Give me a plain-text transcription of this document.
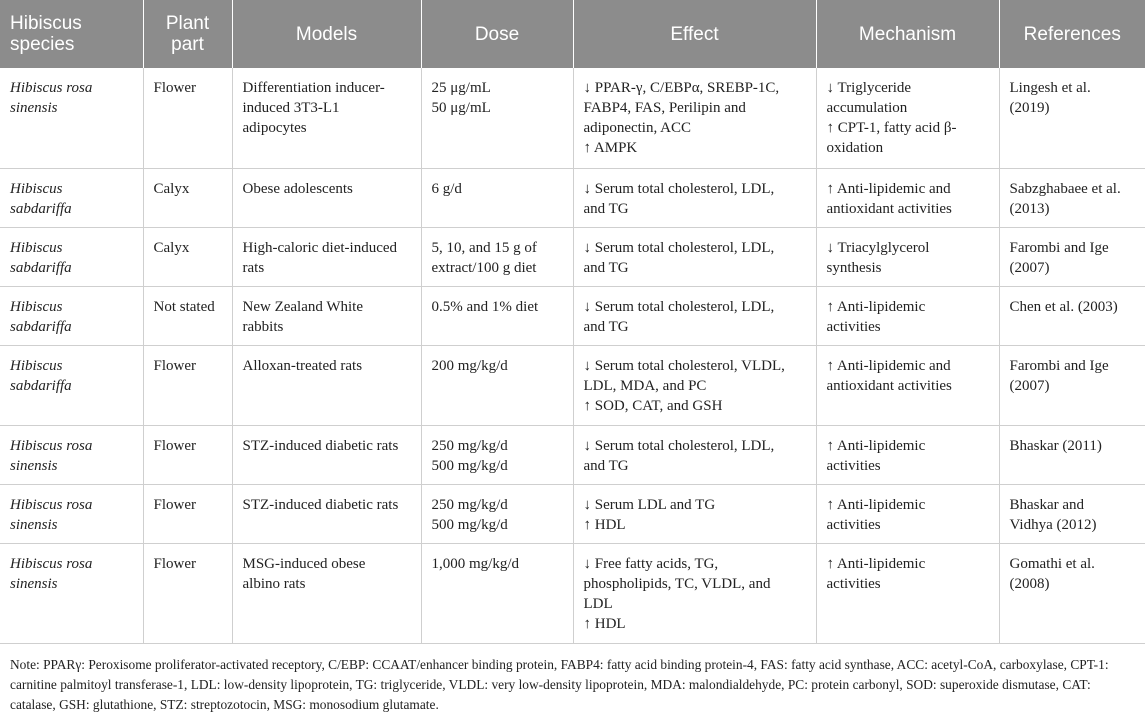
Hibiscus species	Plant part	Models	Dose	Effect	Mechanism	References

Hibiscus rosa
sinensis	Flower	Differentiation inducer-
induced 3T3-L1
adipocytes	25 μg/mL
50 μg/mL	↓ PPAR-γ, C/EBPα, SREBP-1C,
FABP4, FAS, Perilipin and
adiponectin, ACC
↑ AMPK	↓ Triglyceride
accumulation
↑ CPT-1, fatty acid β-
oxidation	Lingesh et al.
(2019)

Hibiscus
sabdariffa	Calyx	Obese adolescents	6 g/d	↓ Serum total cholesterol, LDL,
and TG	↑ Anti-lipidemic and
antioxidant activities	Sabzghabaee et al.
(2013)

Hibiscus
sabdariffa	Calyx	High-caloric diet-induced
rats	5, 10, and 15 g of
extract/100 g diet	↓ Serum total cholesterol, LDL,
and TG	↓ Triacylglycerol
synthesis	Farombi and Ige
(2007)

Hibiscus
sabdariffa	Not stated	New Zealand White
rabbits	0.5% and 1% diet	↓ Serum total cholesterol, LDL,
and TG	↑ Anti-lipidemic
activities	Chen et al. (2003)

Hibiscus
sabdariffa	Flower	Alloxan-treated rats	200 mg/kg/d	↓ Serum total cholesterol, VLDL,
LDL, MDA, and PC
↑ SOD, CAT, and GSH	↑ Anti-lipidemic and
antioxidant activities	Farombi and Ige
(2007)

Hibiscus rosa
sinensis	Flower	STZ-induced diabetic rats	250 mg/kg/d
500 mg/kg/d	↓ Serum total cholesterol, LDL,
and TG	↑ Anti-lipidemic
activities	Bhaskar (2011)

Hibiscus rosa
sinensis	Flower	STZ-induced diabetic rats	250 mg/kg/d
500 mg/kg/d	↓ Serum LDL and TG
↑ HDL	↑ Anti-lipidemic
activities	Bhaskar and
Vidhya (2012)

Hibiscus rosa
sinensis	Flower	MSG-induced obese
albino rats	1,000 mg/kg/d	↓ Free fatty acids, TG,
phospholipids, TC, VLDL, and
LDL
↑ HDL	↑ Anti-lipidemic
activities	Gomathi et al.
(2008)
Note: PPARγ: Peroxisome proliferator-activated receptory, C/EBP: CCAAT/enhancer binding protein, FABP4: fatty acid binding protein-4, FAS: fatty acid synthase, ACC: acetyl-CoA, carboxylase, CPT-1: carnitine palmitoyl transferase-1, LDL: low-density lipoprotein, TG: triglyceride, VLDL: very low-density lipoprotein, MDA: malondialdehyde, PC: protein carbonyl, SOD: superoxide dismutase, CAT: catalase, GSH: glutathione, STZ: streptozotocin, MSG: monosodium glutamate.
